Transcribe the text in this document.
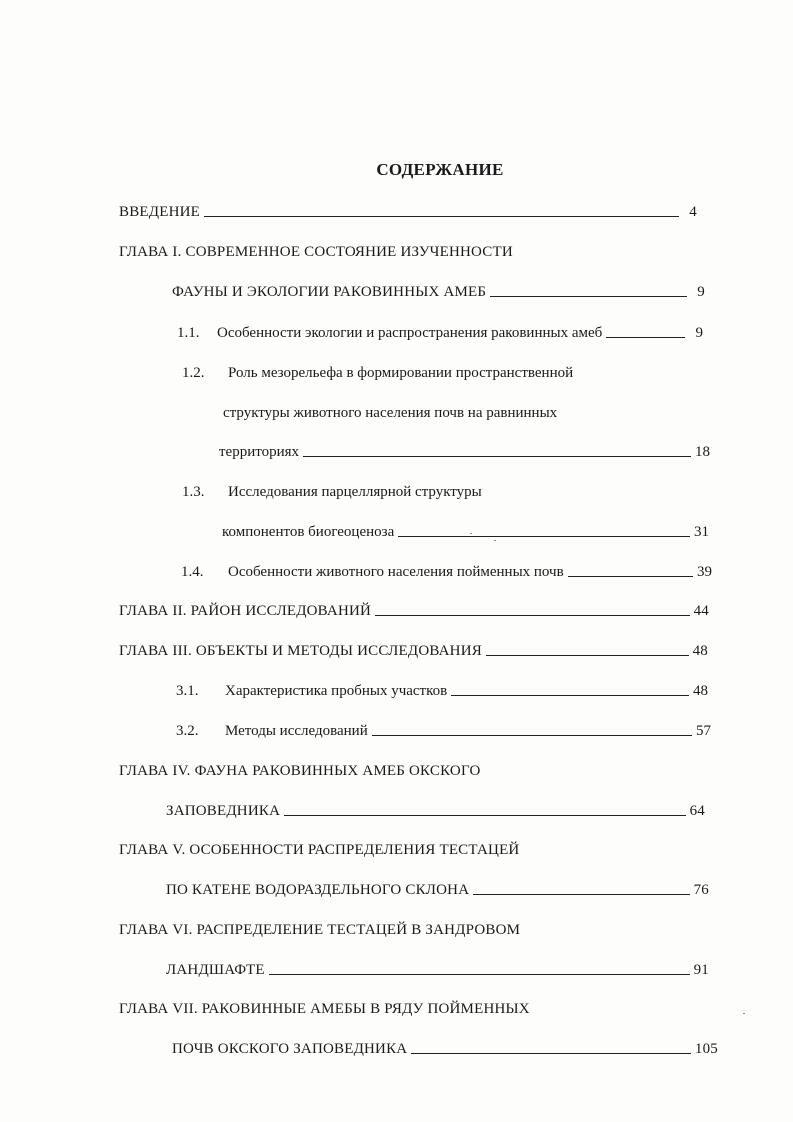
СОДЕРЖАНИЕ
ВВЕДЕНИЕ	4
ГЛАВА I. СОВРЕМЕННОЕ СОСТОЯНИЕ ИЗУЧЕННОСТИ
ФАУНЫ И ЭКОЛОГИИ РАКОВИННЫХ АМЕБ	9
1.1.	Особенности экологии и распространения раковинных амеб	9
1.2.	Роль мезорельефа в формировании пространственной
структуры животного населения почв на равнинных
территориях	18
1.3.	Исследования парцеллярной структуры
компонентов биогеоценоза	31
1.4.	Особенности животного населения пойменных почв	39
ГЛАВА II. РАЙОН ИССЛЕДОВАНИЙ	44
ГЛАВА III. ОБЪЕКТЫ И МЕТОДЫ ИССЛЕДОВАНИЯ	48
3.1.	Характеристика пробных участков	48
3.2.	Методы исследований	57
ГЛАВА IV. ФАУНА РАКОВИННЫХ АМЕБ ОКСКОГО
ЗАПОВЕДНИКА	64
ГЛАВА V. ОСОБЕННОСТИ РАСПРЕДЕЛЕНИЯ ТЕСТАЦЕЙ
ПО КАТЕНЕ ВОДОРАЗДЕЛЬНОГО СКЛОНА	76
ГЛАВА VI. РАСПРЕДЕЛЕНИЕ ТЕСТАЦЕЙ В ЗАНДРОВОМ
ЛАНДШАФТЕ	91
ГЛАВА VII. РАКОВИННЫЕ АМЕБЫ В РЯДУ ПОЙМЕННЫХ
ПОЧВ ОКСКОГО ЗАПОВЕДНИКА	105
